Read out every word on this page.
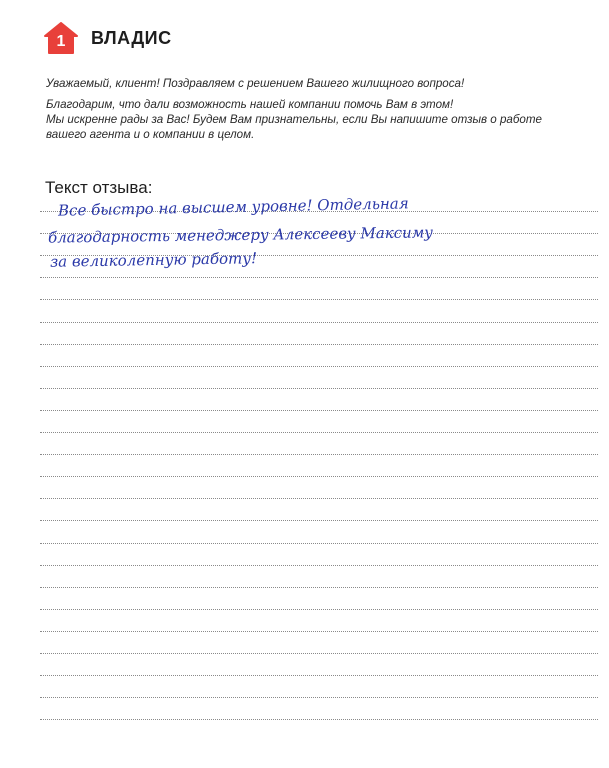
1	ВЛАДИС

Уважаемый, клиент! Поздравляем с решением Вашего жилищного вопроса!

Благодарим, что дали возможность нашей компании помочь Вам в этом!

Мы искренне рады за Вас! Будем Вам признательны, если Вы напишите отзыв о работе

вашего агента и о компании в целом.

Текст отзыва:
Все быстро на высшем уровне! Отдельная
благодарность менеджеру Алексееву Максиму
за великолепную работу!
